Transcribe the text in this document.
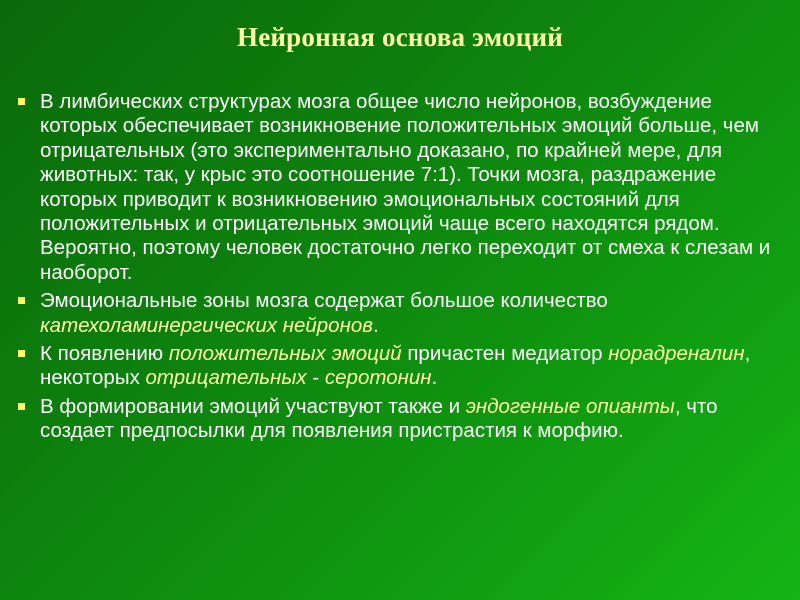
Нейронная основа эмоций
В лимбических структурах мозга общее число нейронов, возбуждение которых обеспечивает возникновение положительных эмоций больше, чем отрицательных (это экспериментально доказано, по крайней мере, для животных: так, у крыс это соотношение 7:1). Точки мозга, раздражение которых приводит к возникновению эмоциональных состояний для положительных и отрицательных эмоций чаще всего находятся рядом. Вероятно, поэтому человек достаточно легко переходит от смеха к слезам и наоборот.
Эмоциональные зоны мозга содержат большое количество катехоламинергических нейронов.
К появлению положительных эмоций причастен медиатор норадреналин, некоторых отрицательных - серотонин.
В формировании эмоций участвуют также и эндогенные опианты, что создает предпосылки для появления пристрастия к морфию.
